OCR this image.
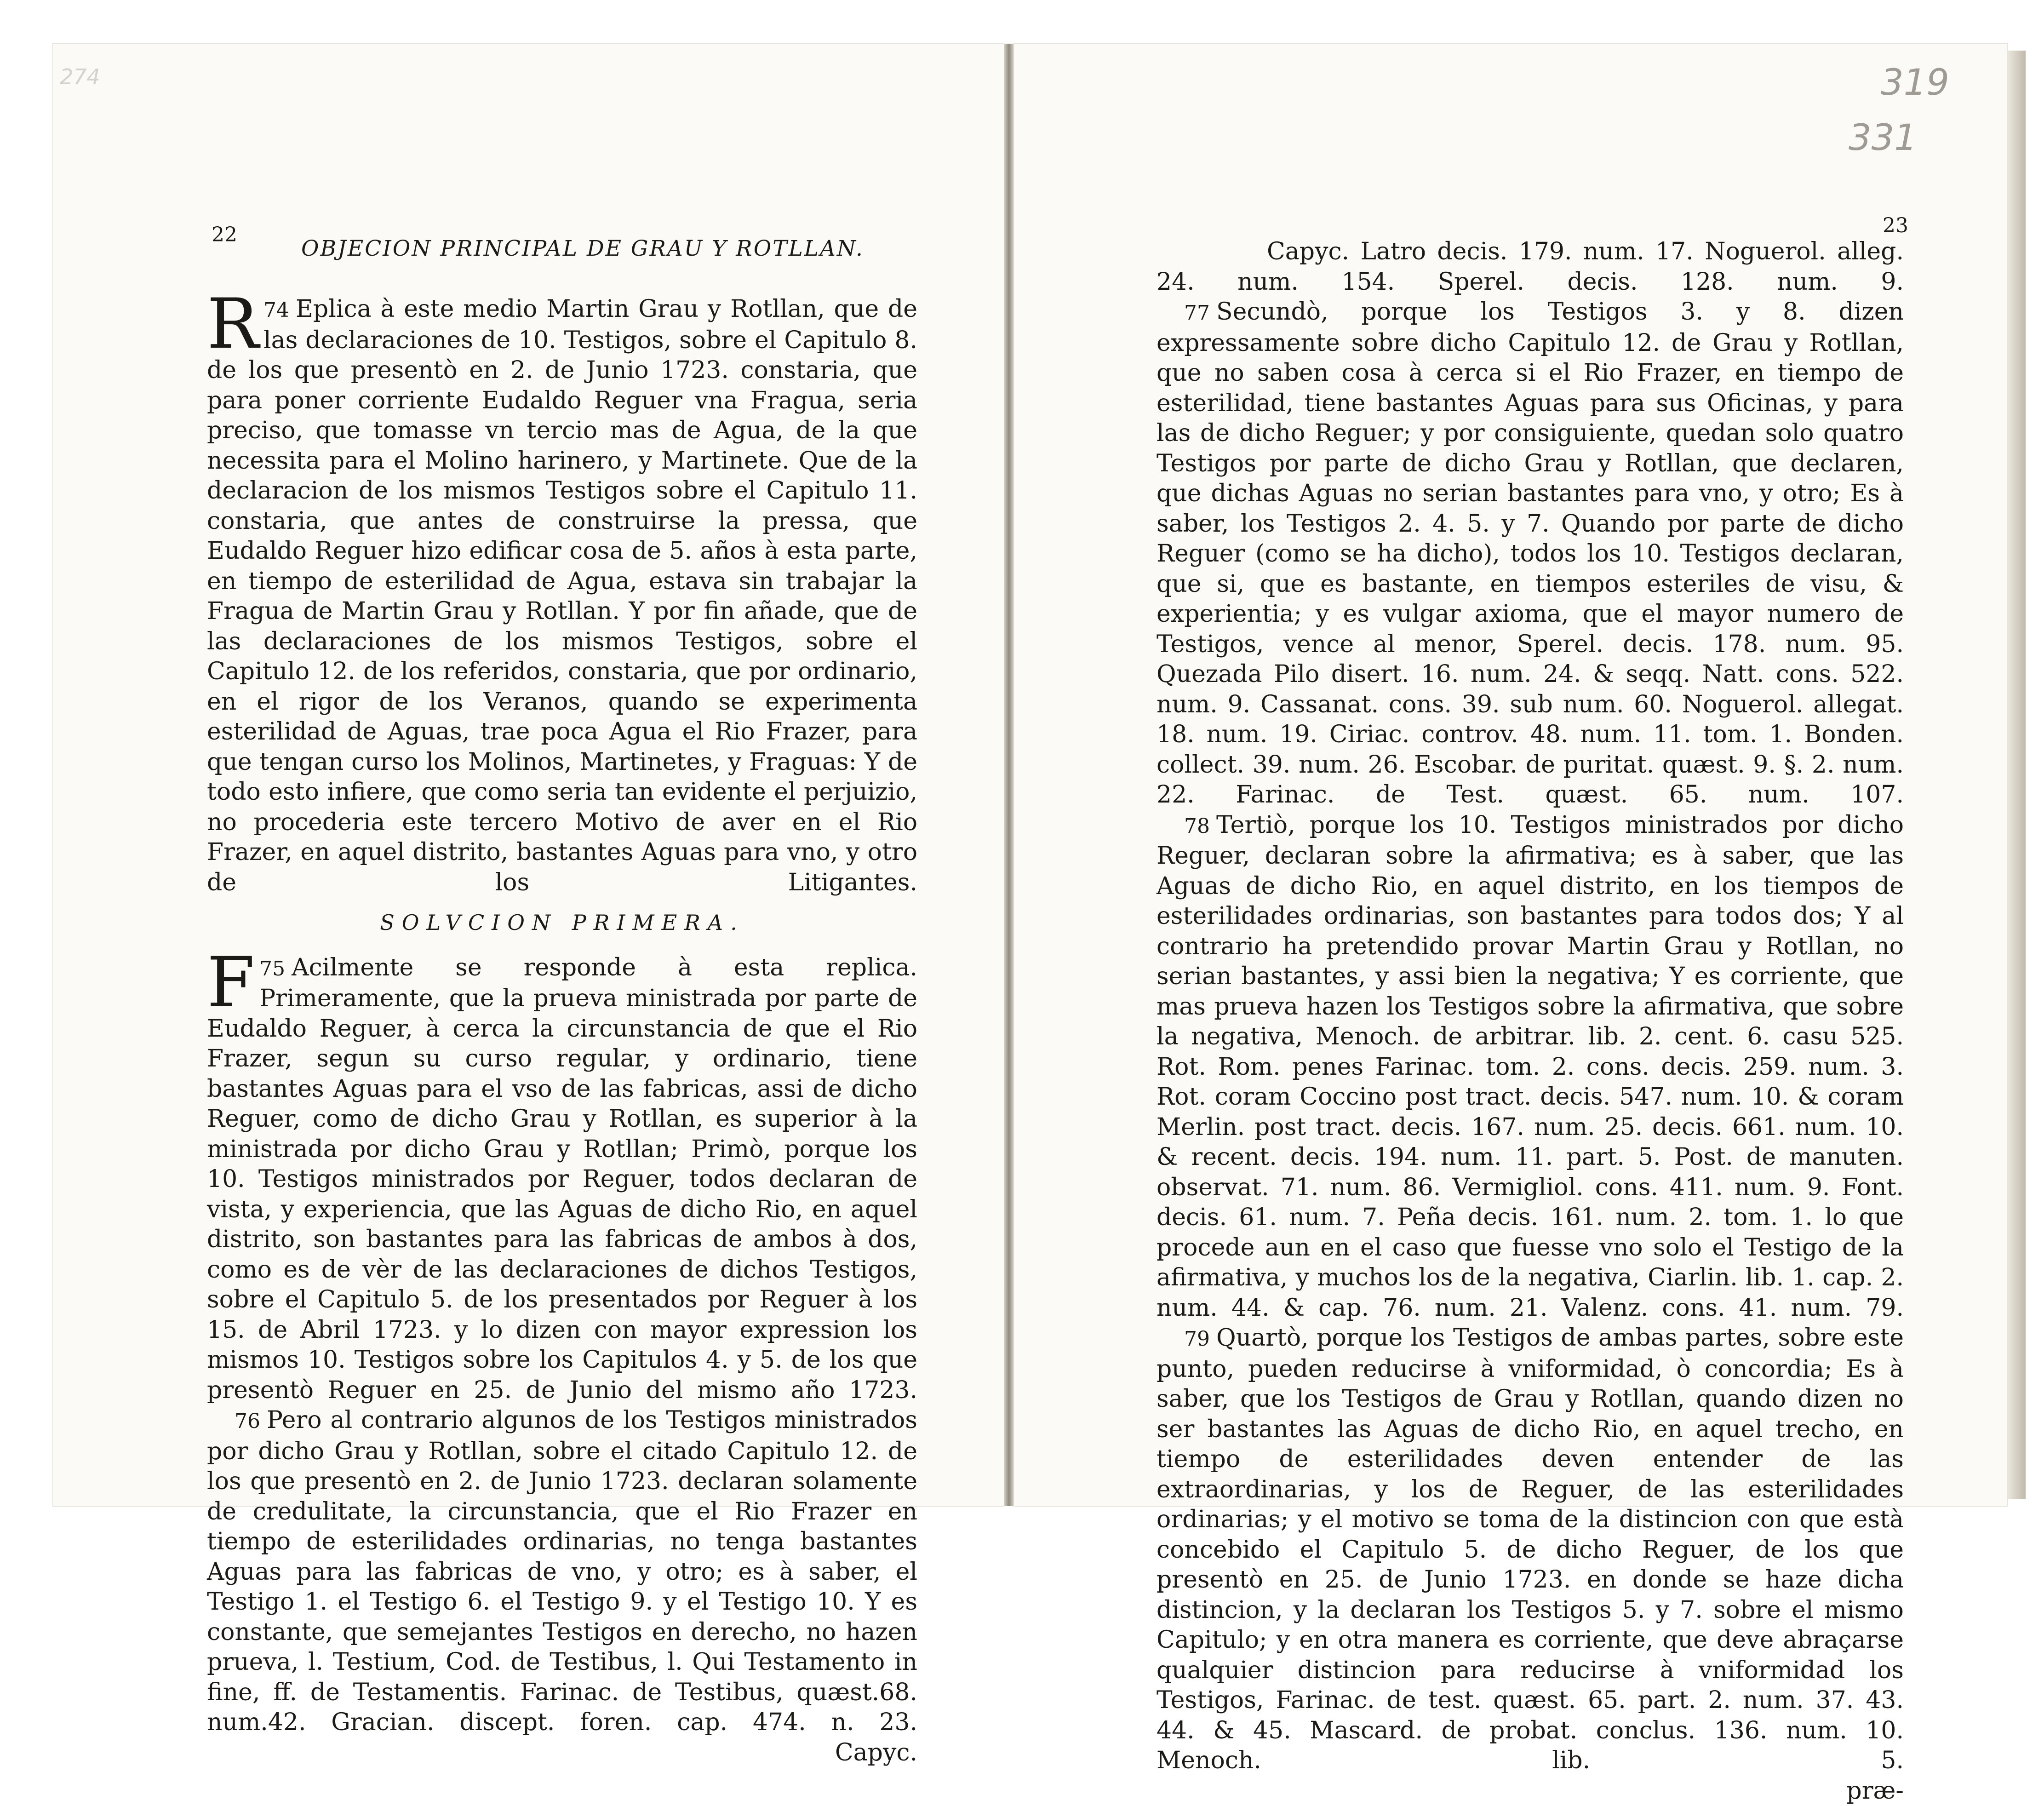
22
OBJECION PRINCIPAL DE GRAU Y ROTLLAN.

74
R Eplica à este medio Martin Grau y Rotllan, que de las declaraciones de 10. Testigos, sobre el Capitulo 8. de los que presentò en 2. de Junio 1723. constaria, que para poner corriente Eudaldo Reguer vna Fragua, seria preciso, que tomasse vn tercio mas de Agua, de la que necessita para el Molino harinero, y Martinete. Que de la declaracion de los mismos Testigos sobre el Capitulo 11. constaria, que antes de construirse la pressa, que Eudaldo Reguer hizo edificar cosa de 5. años à esta parte, en tiempo de esterilidad de Agua, estava sin trabajar la Fragua de Martin Grau y Rotllan. Y por fin añade, que de las declaraciones de los mismos Testigos, sobre el Capitulo 12. de los referidos, constaria, que por ordinario, en el rigor de los Veranos, quando se experimenta esterilidad de Aguas, trae poca Agua el Rio Frazer, para que tengan curso los Molinos, Martinetes, y Fraguas: Y de todo esto infiere, que como seria tan evidente el perjuizio, no procederia este tercero Motivo de aver en el Rio Frazer, en aquel distrito, bastantes Aguas para vno, y otro de los Litigantes.

SOLVCION PRIMERA.

75
F Acilmente se responde à esta replica. Primeramente, que la prueva ministrada por parte de Eudaldo Reguer, à cerca la circunstancia de que el Rio Frazer, segun su curso regular, y ordinario, tiene bastantes Aguas para el vso de las fabricas, assi de dicho Reguer, como de dicho Grau y Rotllan, es superior à la ministrada por dicho Grau y Rotllan; Primò, porque los 10. Testigos ministrados por Reguer, todos declaran de vista, y experiencia, que las Aguas de dicho Rio, en aquel distrito, son bastantes para las fabricas de ambos à dos, como es de vèr de las declaraciones de dichos Testigos, sobre el Capitulo 5. de los presentados por Reguer à los 15. de Abril 1723. y lo dizen con mayor expression los mismos 10. Testigos sobre los Capitulos 4. y 5. de los que presentò Reguer en 25. de Junio del mismo año 1723.

76 Pero al contrario algunos de los Testigos ministrados por dicho Grau y Rotllan, sobre el citado Capitulo 12. de los que presentò en 2. de Junio 1723. declaran solamente de credulitate, la circunstancia, que el Rio Frazer en tiempo de esterilidades ordinarias, no tenga bastantes Aguas para las fabricas de vno, y otro; es à saber, el Testigo 1. el Testigo 6. el Testigo 9. y el Testigo 10. Y es constante, que semejantes Testigos en derecho, no hazen prueva, l. Testium, Cod. de Testibus, l. Qui Testamento in fine, ff. de Testamentis. Farinac. de Testibus, quæst.68. num.42. Gracian. discept. foren. cap. 474. n. 23.

Capyc.

23

Capyc. Latro decis. 179. num. 17. Noguerol. alleg. 24. num. 154. Sperel. decis. 128. num. 9.

77 Secundò, porque los Testigos 3. y 8. dizen expressamente sobre dicho Capitulo 12. de Grau y Rotllan, que no saben cosa à cerca si el Rio Frazer, en tiempo de esterilidad, tiene bastantes Aguas para sus Oficinas, y para las de dicho Reguer; y por consiguiente, quedan solo quatro Testigos por parte de dicho Grau y Rotllan, que declaren, que dichas Aguas no serian bastantes para vno, y otro; Es à saber, los Testigos 2. 4. 5. y 7. Quando por parte de dicho Reguer (como se ha dicho), todos los 10. Testigos declaran, que si, que es bastante, en tiempos esteriles de visu, & experientia; y es vulgar axioma, que el mayor numero de Testigos, vence al menor, Sperel. decis. 178. num. 95. Quezada Pilo disert. 16. num. 24. & seqq. Natt. cons. 522. num. 9. Cassanat. cons. 39. sub num. 60. Noguerol. allegat. 18. num. 19. Ciriac. controv. 48. num. 11. tom. 1. Bonden. collect. 39. num. 26. Escobar. de puritat. quæst. 9. §. 2. num. 22. Farinac. de Test. quæst. 65. num. 107.

78 Tertiò, porque los 10. Testigos ministrados por dicho Reguer, declaran sobre la afirmativa; es à saber, que las Aguas de dicho Rio, en aquel distrito, en los tiempos de esterilidades ordinarias, son bastantes para todos dos; Y al contrario ha pretendido provar Martin Grau y Rotllan, no serian bastantes, y assi bien la negativa; Y es corriente, que mas prueva hazen los Testigos sobre la afirmativa, que sobre la negativa, Menoch. de arbitrar. lib. 2. cent. 6. casu 525. Rot. Rom. penes Farinac. tom. 2. cons. decis. 259. num. 3. Rot. coram Coccino post tract. decis. 547. num. 10. & coram Merlin. post tract. decis. 167. num. 25. decis. 661. num. 10. & recent. decis. 194. num. 11. part. 5. Post. de manuten. observat. 71. num. 86. Vermigliol. cons. 411. num. 9. Font. decis. 61. num. 7. Peña decis. 161. num. 2. tom. 1. lo que procede aun en el caso que fuesse vno solo el Testigo de la afirmativa, y muchos los de la negativa, Ciarlin. lib. 1. cap. 2. num. 44. & cap. 76. num. 21. Valenz. cons. 41. num. 79.

79 Quartò, porque los Testigos de ambas partes, sobre este punto, pueden reducirse à vniformidad, ò concordia; Es à saber, que los Testigos de Grau y Rotllan, quando dizen no ser bastantes las Aguas de dicho Rio, en aquel trecho, en tiempo de esterilidades deven entender de las extraordinarias, y los de Reguer, de las esterilidades ordinarias; y el motivo se toma de la distincion con que està concebido el Capitulo 5. de dicho Reguer, de los que presentò en 25. de Junio 1723. en donde se haze dicha distincion, y la declaran los Testigos 5. y 7. sobre el mismo Capitulo; y en otra manera es corriente, que deve abraçarse qualquier distincion para reducirse à vniformidad los Testigos, Farinac. de test. quæst. 65. part. 2. num. 37. 43. 44. & 45. Mascard. de probat. conclus. 136. num. 10. Menoch. lib. 5.

præ-

274	319
331
